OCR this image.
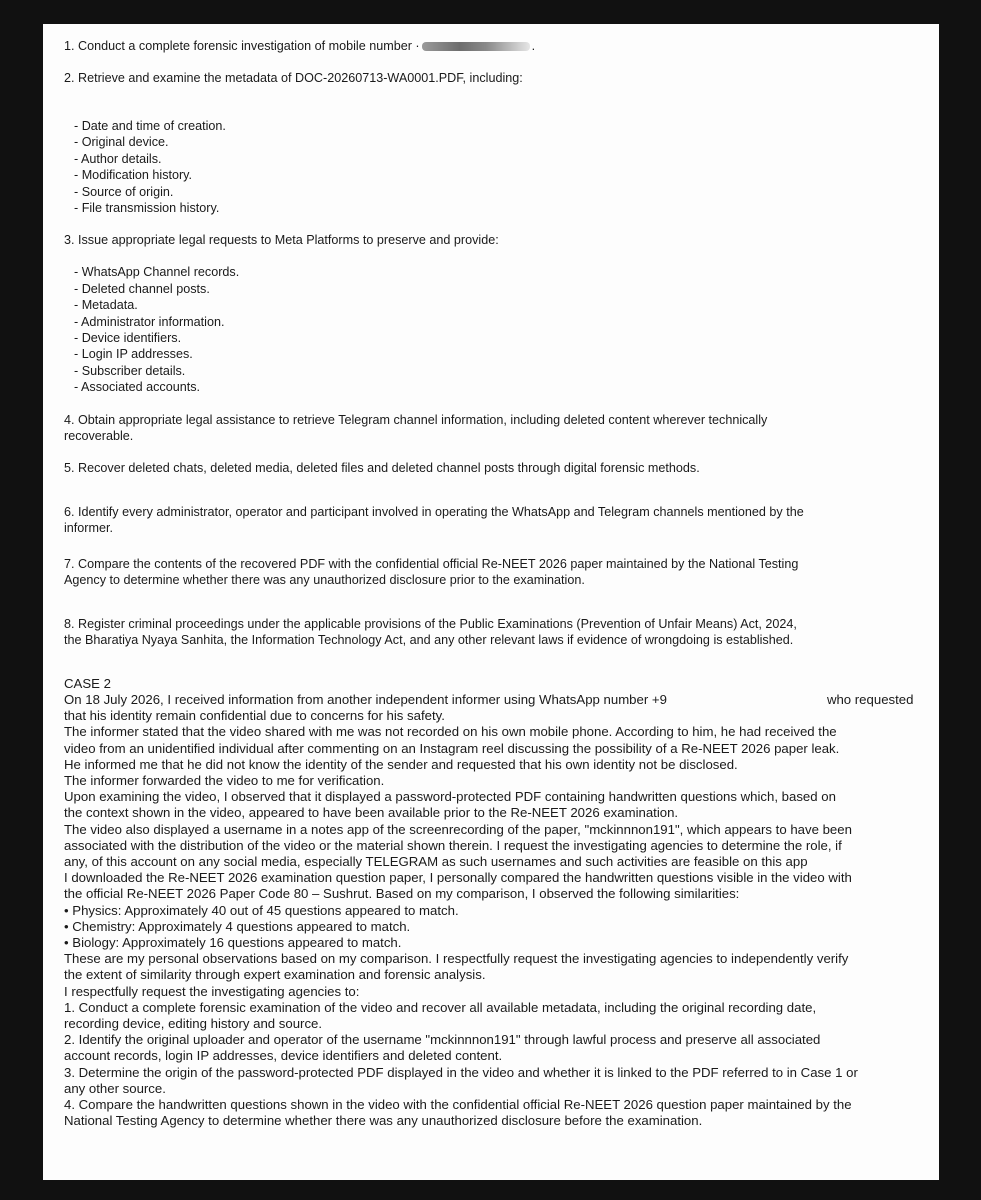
1. Conduct a complete forensic investigation of mobile number ·	.

2. Retrieve and examine the metadata of DOC-20260713-WA0001.PDF, including:

- Date and time of creation.
- Original device.
- Author details.
- Modification history.
- Source of origin.
- File transmission history.

3. Issue appropriate legal requests to Meta Platforms to preserve and provide:

- WhatsApp Channel records.
- Deleted channel posts.
- Metadata.
- Administrator information.
- Device identifiers.
- Login IP addresses.
- Subscriber details.
- Associated accounts.

4. Obtain appropriate legal assistance to retrieve Telegram channel information, including deleted content wherever technically

recoverable.

5. Recover deleted chats, deleted media, deleted files and deleted channel posts through digital forensic methods.

6. Identify every administrator, operator and participant involved in operating the WhatsApp and Telegram channels mentioned by the

informer.

7. Compare the contents of the recovered PDF with the confidential official Re-NEET 2026 paper maintained by the National Testing

Agency to determine whether there was any unauthorized disclosure prior to the examination.

8. Register criminal proceedings under the applicable provisions of the Public Examinations (Prevention of Unfair Means) Act, 2024,

the Bharatiya Nyaya Sanhita, the Information Technology Act, and any other relevant laws if evidence of wrongdoing is established.

CASE 2

On 18 July 2026, I received information from another independent informer using WhatsApp number +9	who requested

that his identity remain confidential due to concerns for his safety.

The informer stated that the video shared with me was not recorded on his own mobile phone. According to him, he had received the

video from an unidentified individual after commenting on an Instagram reel discussing the possibility of a Re-NEET 2026 paper leak.

He informed me that he did not know the identity of the sender and requested that his own identity not be disclosed.

The informer forwarded the video to me for verification.

Upon examining the video, I observed that it displayed a password-protected PDF containing handwritten questions which, based on

the context shown in the video, appeared to have been available prior to the Re-NEET 2026 examination.

The video also displayed a username in a notes app of the screenrecording of the paper, "mckinnnon191", which appears to have been

associated with the distribution of the video or the material shown therein. I request the investigating agencies to determine the role, if

any, of this account on any social media, especially TELEGRAM as such usernames and such activities are feasible on this app

I downloaded the Re-NEET 2026 examination question paper, I personally compared the handwritten questions visible in the video with

the official Re-NEET 2026 Paper Code 80 – Sushrut. Based on my comparison, I observed the following similarities:

• Physics: Approximately 40 out of 45 questions appeared to match.

• Chemistry: Approximately 4 questions appeared to match.

• Biology: Approximately 16 questions appeared to match.

These are my personal observations based on my comparison. I respectfully request the investigating agencies to independently verify

the extent of similarity through expert examination and forensic analysis.

I respectfully request the investigating agencies to:

1. Conduct a complete forensic examination of the video and recover all available metadata, including the original recording date,

recording device, editing history and source.

2. Identify the original uploader and operator of the username "mckinnnon191" through lawful process and preserve all associated

account records, login IP addresses, device identifiers and deleted content.

3. Determine the origin of the password-protected PDF displayed in the video and whether it is linked to the PDF referred to in Case 1 or

any other source.

4. Compare the handwritten questions shown in the video with the confidential official Re-NEET 2026 question paper maintained by the

National Testing Agency to determine whether there was any unauthorized disclosure before the examination.
